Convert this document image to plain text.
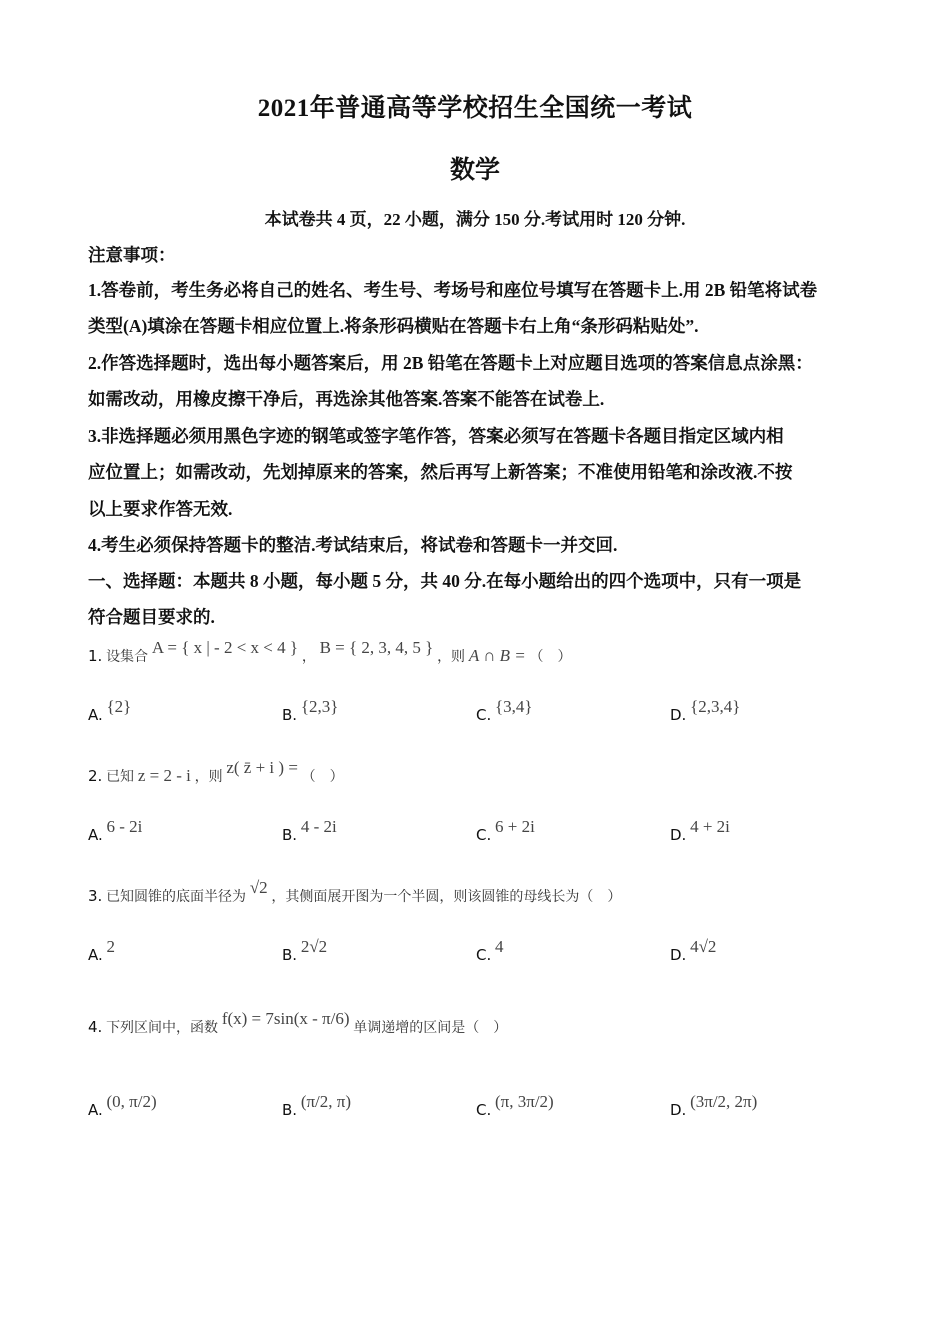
2021年普通高等学校招生全国统一考试
数学
本试卷共 4 页，22 小题，满分 150 分.考试用时 120 分钟.
注意事项：
1.答卷前，考生务必将自己的姓名、考生号、考场号和座位号填写在答题卡上.用 2B 铅笔将试卷
类型(A)填涂在答题卡相应位置上.将条形码横贴在答题卡右上角“条形码粘贴处”.
2.作答选择题时，选出每小题答案后，用 2B 铅笔在答题卡上对应题目选项的答案信息点涂黑：
如需改动，用橡皮擦干净后，再选涂其他答案.答案不能答在试卷上.
3.非选择题必须用黑色字迹的钢笔或签字笔作答，答案必须写在答题卡各题目指定区域内相
应位置上；如需改动，先划掉原来的答案，然后再写上新答案；不准使用铅笔和涂改液.不按
以上要求作答无效.
4.考生必须保持答题卡的整洁.考试结束后，将试卷和答题卡一并交回.
一、选择题：本题共 8 小题，每小题 5 分，共 40 分.在每小题给出的四个选项中，只有一项是
符合题目要求的.
1. 设集合 A = { x | - 2 < x < 4 } ， B = { 2, 3, 4, 5 } ，则 A ∩ B = （　）
A. {2}	B. {2,3}	C. {3,4}	D. {2,3,4}
2. 已知 z = 2 - i ，则 z( z̄ + i ) = （　）
A. 6 - 2i	B. 4 - 2i	C. 6 + 2i	D. 4 + 2i
3. 已知圆锥的底面半径为 √2 ，其侧面展开图为一个半圆，则该圆锥的母线长为（　）
A. 2	B. 2√2	C. 4	D. 4√2
4. 下列区间中，函数 f(x) = 7sin(x - π/6) 单调递增的区间是（　）
A. (0, π/2)	B. (π/2, π)	C. (π, 3π/2)	D. (3π/2, 2π)
